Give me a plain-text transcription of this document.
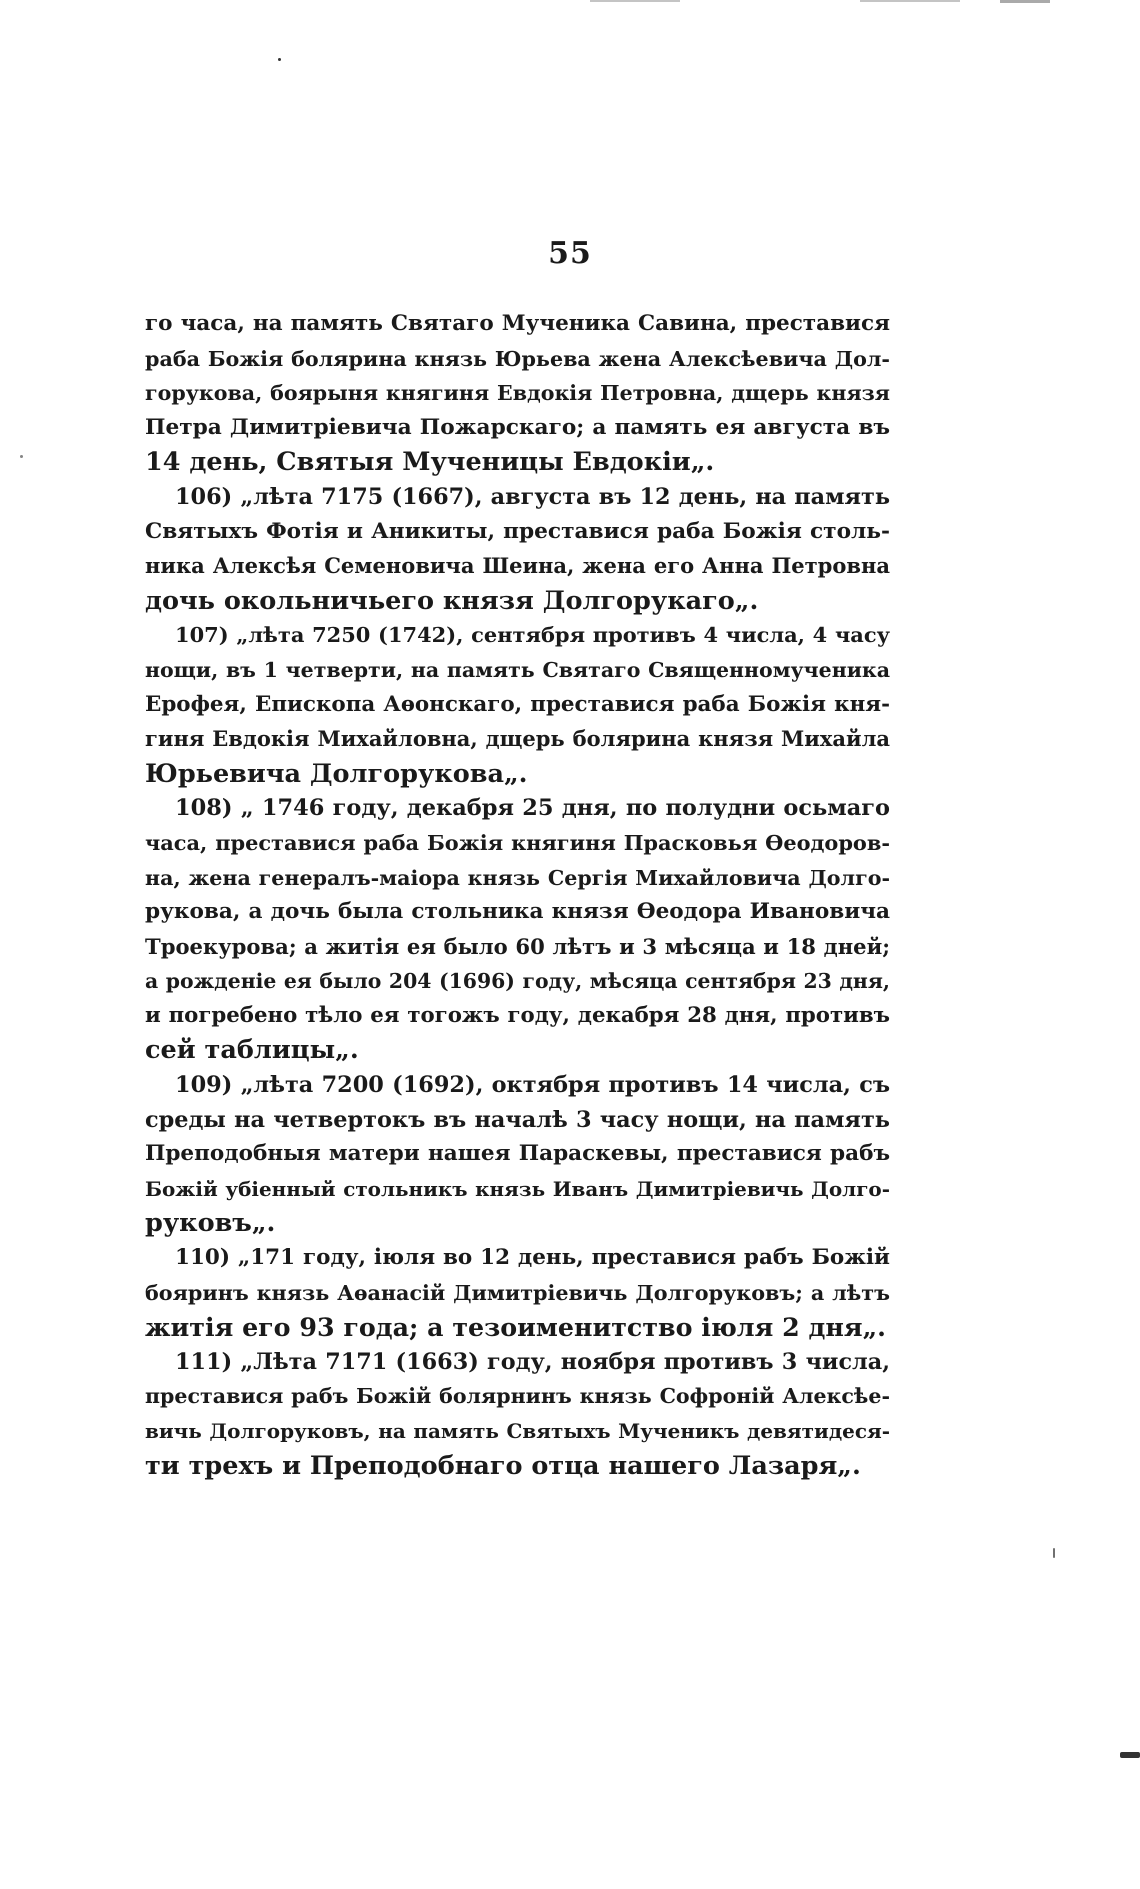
55
го часа, на память Святаго Мученика Савина, преставися
раба Божія болярина князь Юрьева жена Алексѣевича Дол-
горукова, боярыня княгиня Евдокія Петровна, дщерь князя
Петра Димитріевича Пожарскаго; а память ея августа въ
14 день, Святыя Мученицы Евдокіи„.
106) „лѣта 7175 (1667), августа въ 12 день, на память
Святыхъ Фотія и Аникиты, преставися раба Божія столь-
ника Алексѣя Семеновича Шеина, жена его Анна Петровна
дочь окольничьего князя Долгорукаго„.
107) „лѣта 7250 (1742), сентября противъ 4 числа, 4 часу
нощи, въ 1 четверти, на память Святаго Священномученика
Ерофея, Епископа Аѳонскаго, преставися раба Божія кня-
гиня Евдокія Михайловна, дщерь болярина князя Михайла
Юрьевича Долгорукова„.
108) „ 1746 году, декабря 25 дня, по полудни осьмаго
часа, преставися раба Божія княгиня Прасковья Ѳеодоров-
на, жена генералъ-маіора князь Сергія Михайловича Долго-
рукова, а дочь была стольника князя Ѳеодора Ивановича
Троекурова; а житія ея было 60 лѣтъ и 3 мѣсяца и 18 дней;
а рожденіе ея было 204 (1696) году, мѣсяца сентября 23 дня,
и погребено тѣло ея тогожъ году, декабря 28 дня, противъ
сей таблицы„.
109) „лѣта 7200 (1692), октября противъ 14 числа, съ
среды на четвертокъ въ началѣ 3 часу нощи, на память
Преподобныя матери нашея Параскевы, преставися рабъ
Божій убіенный стольникъ князь Иванъ Димитріевичь Долго-
руковъ„.
110) „171 году, іюля во 12 день, преставися рабъ Божій
бояринъ князь Аѳанасій Димитріевичь Долгоруковъ; а лѣтъ
житія его 93 года; а тезоименитство іюля 2 дня„.
111) „Лѣта 7171 (1663) году, ноября противъ 3 числа,
преставися рабъ Божій болярнинъ князь Софроній Алексѣе-
вичь Долгоруковъ, на память Святыхъ Мученикъ девятидеся-
ти трехъ и Преподобнаго отца нашего Лазаря„.
